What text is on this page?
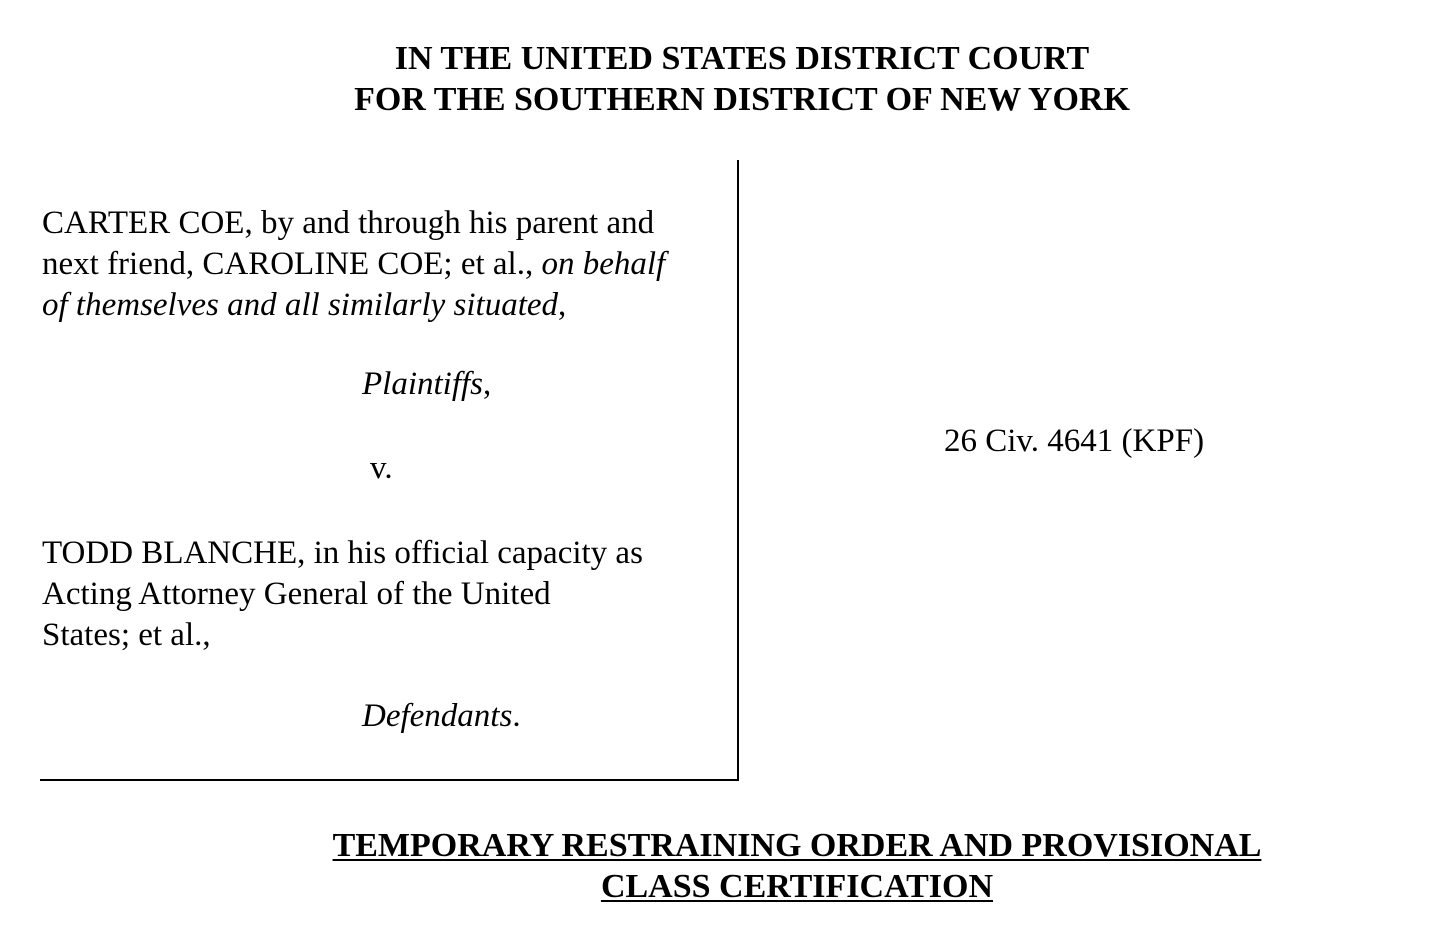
IN THE UNITED STATES DISTRICT COURT
FOR THE SOUTHERN DISTRICT OF NEW YORK
CARTER COE, by and through his parent and
next friend, CAROLINE COE; et al., on behalf
of themselves and all similarly situated,
Plaintiffs,
v.
TODD BLANCHE, in his official capacity as
Acting Attorney General of the United
States; et al.,
Defendants.
26 Civ. 4641 (KPF)
TEMPORARY RESTRAINING ORDER AND PROVISIONAL
CLASS CERTIFICATION
